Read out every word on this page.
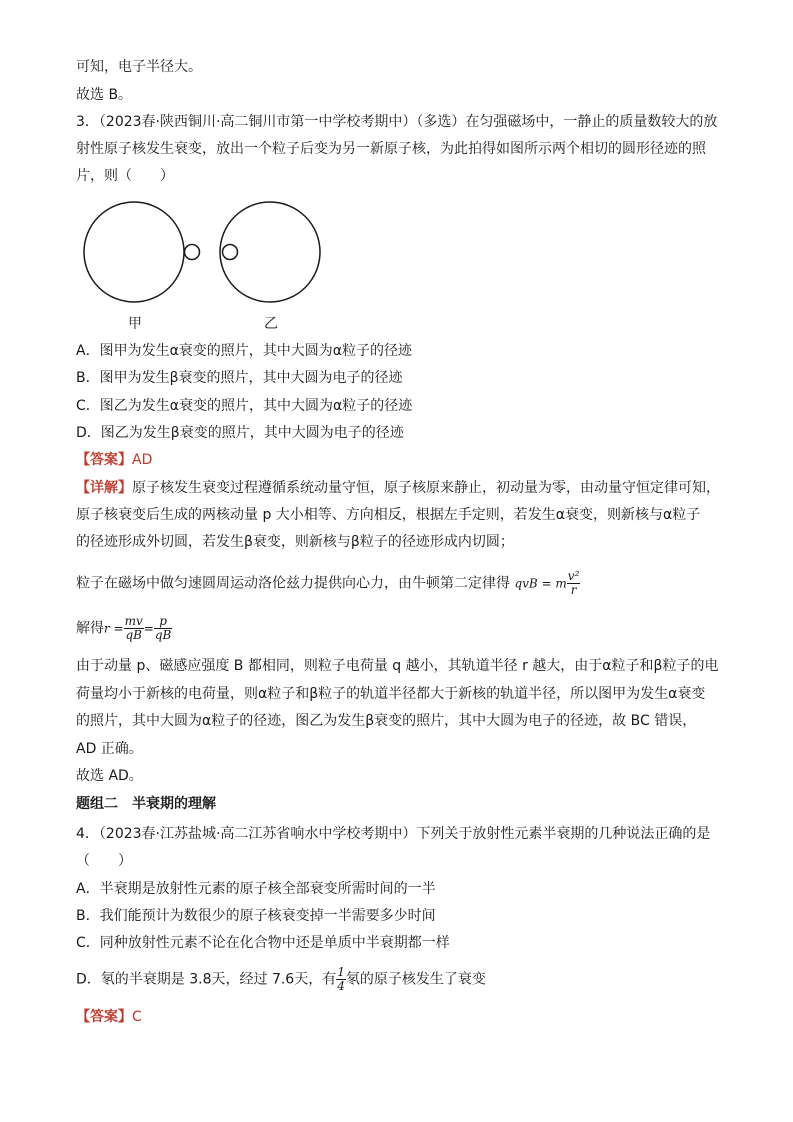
可知，电子半径大。
故选 B。
3．（2023春·陕西铜川·高二铜川市第一中学校考期中）（多选）在匀强磁场中，一静止的质量数较大的放
射性原子核发生衰变，放出一个粒子后变为另一新原子核，为此拍得如图所示两个相切的圆形径迹的照
片，则（　　）
甲	乙
A．图甲为发生α衰变的照片，其中大圆为α粒子的径迹
B．图甲为发生β衰变的照片，其中大圆为电子的径迹
C．图乙为发生α衰变的照片，其中大圆为α粒子的径迹
D．图乙为发生β衰变的照片，其中大圆为电子的径迹
【答案】AD
【详解】原子核发生衰变过程遵循系统动量守恒，原子核原来静止，初动量为零，由动量守恒定律可知，
原子核衰变后生成的两核动量 p 大小相等、方向相反，根据左手定则，若发生α衰变，则新核与α粒子
的径迹形成外切圆，若发生β衰变，则新核与β粒子的径迹形成内切圆；
粒子在磁场中做匀速圆周运动洛伦兹力提供向心力，由牛顿第二定律得 qvB = m $\frac{\text{v²}}{r}$
解得$r = \frac{mv}{qB} = \frac{p}{qB}$
由于动量 p、磁感应强度 B 都相同，则粒子电荷量 q 越小，其轨道半径 r 越大，由于α粒子和β粒子的电
荷量均小于新核的电荷量，则α粒子和β粒子的轨道半径都大于新核的轨道半径，所以图甲为发生α衰变
的照片，其中大圆为α粒子的径迹，图乙为发生β衰变的照片，其中大圆为电子的径迹，故 BC 错误，
AD 正确。
故选 AD。
题组二　半衰期的理解
4．（2023春·江苏盐城·高二江苏省响水中学校考期中）下列关于放射性元素半衰期的几种说法正确的是
（　　）
A．半衰期是放射性元素的原子核全部衰变所需时间的一半
B．我们能预计为数很少的原子核衰变掉一半需要多少时间
C．同种放射性元素不论在化合物中还是单质中半衰期都一样
D．氡的半衰期是 3.8天，经过 7.6天，有 $\frac{1}{4}$ 氡的原子核发生了衰变
【答案】C
